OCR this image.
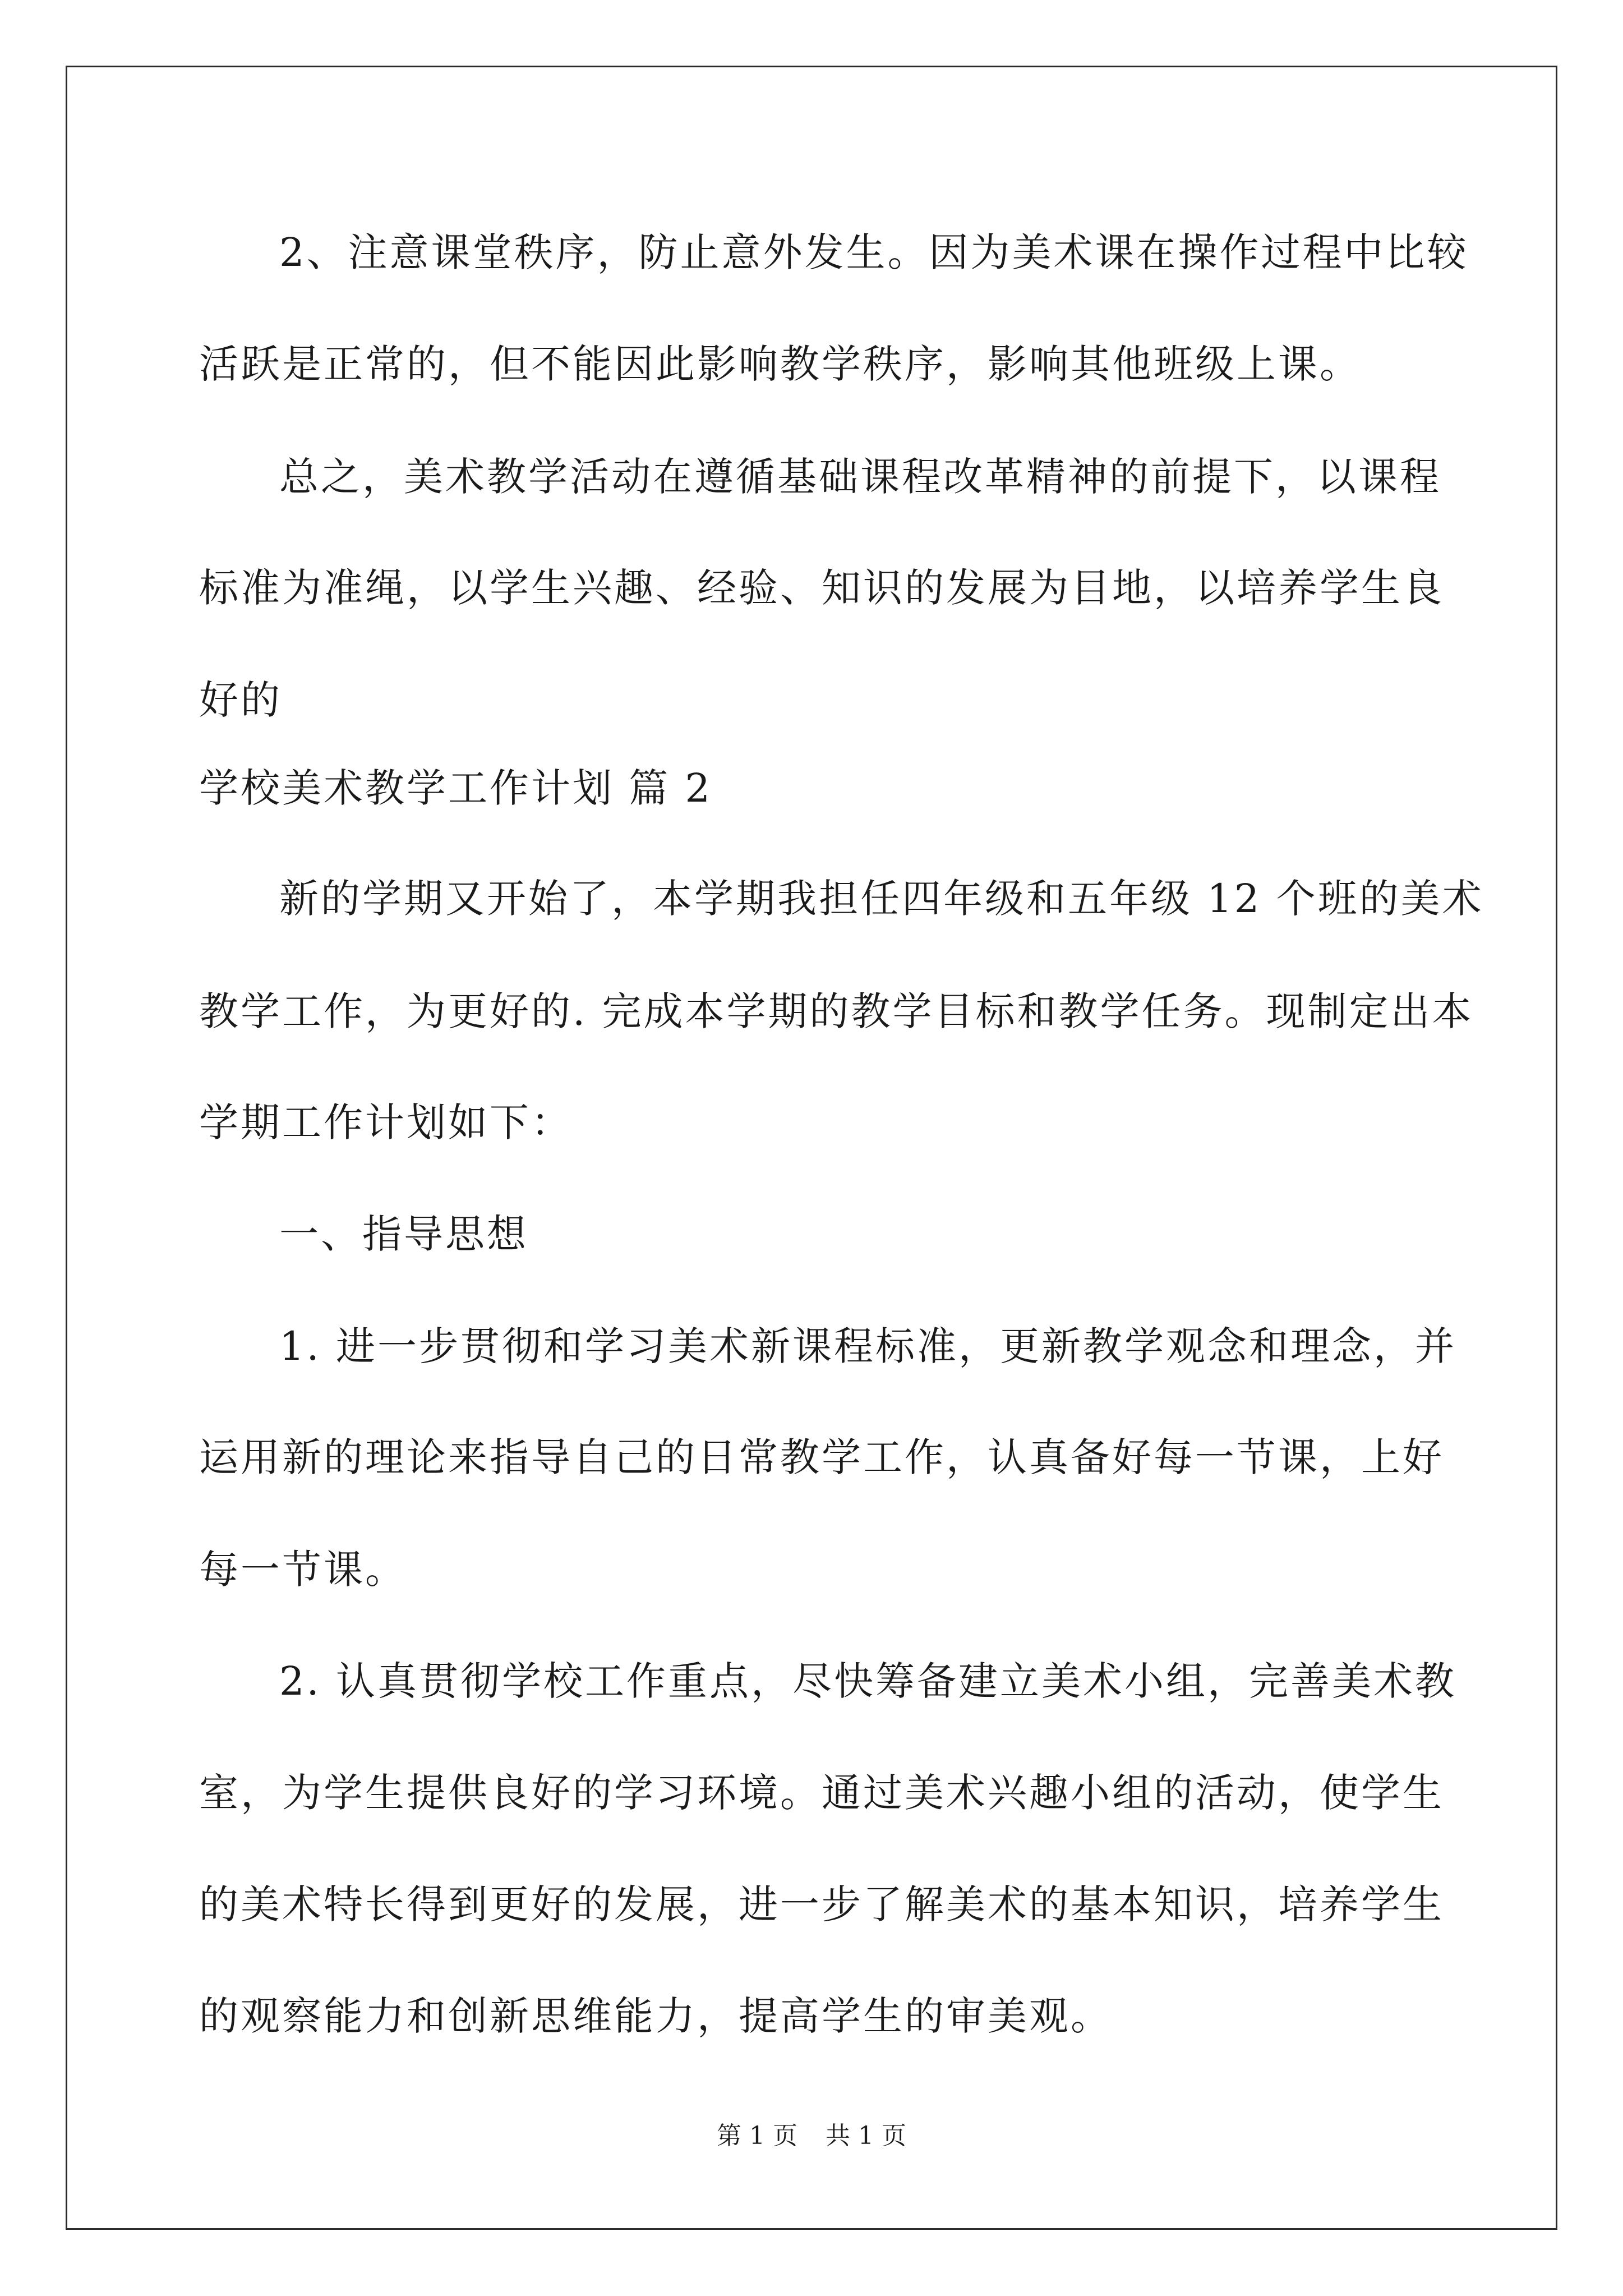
2、注意课堂秩序，防止意外发生。因为美术课在操作过程中比较
活跃是正常的，但不能因此影响教学秩序，影响其他班级上课。
总之，美术教学活动在遵循基础课程改革精神的前提下，以课程
标准为准绳，以学生兴趣、经验、知识的发展为目地，以培养学生良
好的
学校美术教学工作计划 篇 2
新的学期又开始了，本学期我担任四年级和五年级 12 个班的美术
教学工作，为更好的. 完成本学期的教学目标和教学任务。现制定出本
学期工作计划如下：
一、指导思想
1. 进一步贯彻和学习美术新课程标准，更新教学观念和理念，并
运用新的理论来指导自己的日常教学工作，认真备好每一节课，上好
每一节课。
2. 认真贯彻学校工作重点，尽快筹备建立美术小组，完善美术教
室，为学生提供良好的学习环境。通过美术兴趣小组的活动，使学生
的美术特长得到更好的发展，进一步了解美术的基本知识，培养学生
的观察能力和创新思维能力，提高学生的审美观。
第 1 页 共 1 页
